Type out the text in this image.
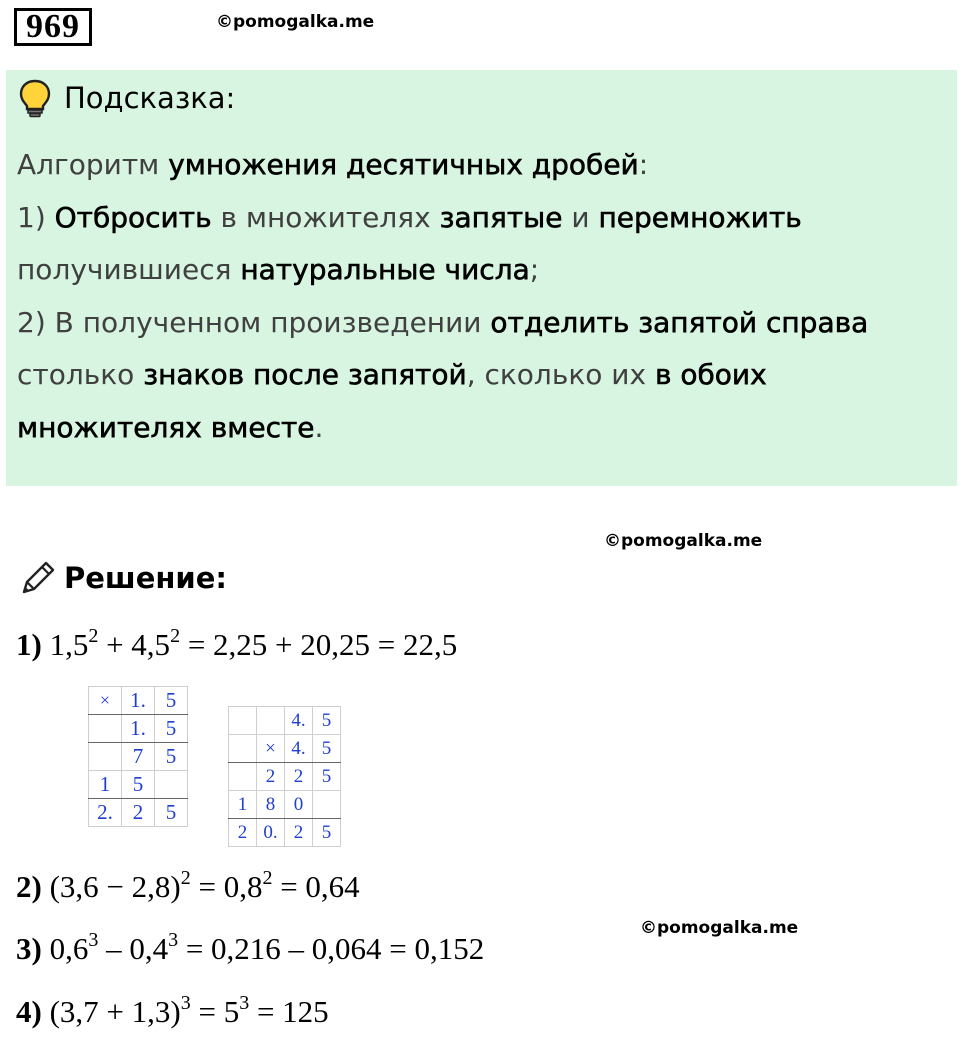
969	©pomogalka.me
Подсказка:
Алгоритм умножения десятичных дробей:
1) Отбросить в множителях запятые и перемножить
получившиеся натуральные числа;
2) В полученном произведении отделить запятой справа
столько знаков после запятой, сколько их в обоих
множителях вместе.
©pomogalka.me
Решение:
1) $1,5^2 + 4,5^2 = 2,25 + 20,25 = 22,5$
×	1.	5
	1.	5
	7	5
1	5	
2.	2	5
		4.	5
	×	4.	5
	2	2	5
1	8	0	
2	0.	2	5
2) $(3,6 - 2,8)^2 = 0,8^2 = 0,64$
©pomogalka.me
3) $0,6^3 - 0,4^3 = 0,216 - 0,064 = 0,152$
4) $(3,7 + 1,3)^3 = 5^3 = 125$
